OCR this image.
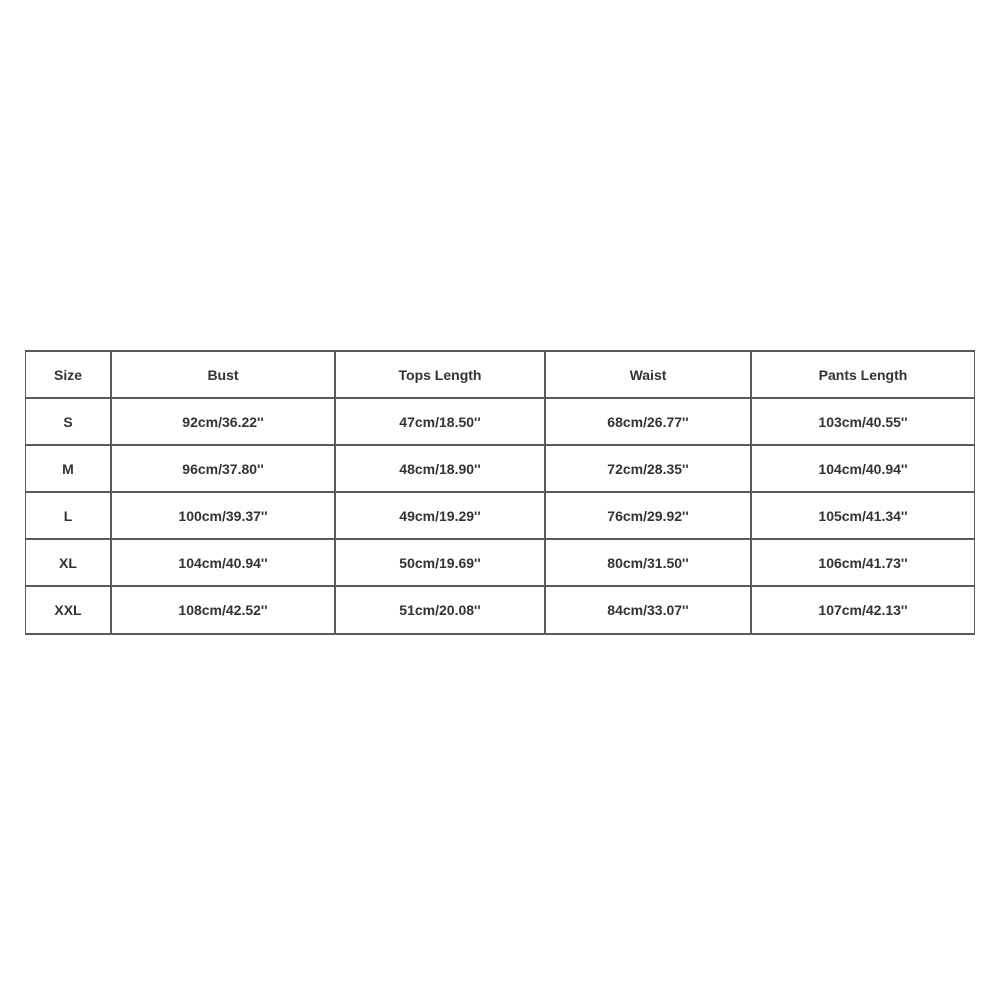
Size	Bust	Tops Length	Waist	Pants Length
S	92cm/36.22''	47cm/18.50''	68cm/26.77''	103cm/40.55''
M	96cm/37.80''	48cm/18.90''	72cm/28.35''	104cm/40.94''
L	100cm/39.37''	49cm/19.29''	76cm/29.92''	105cm/41.34''
XL	104cm/40.94''	50cm/19.69''	80cm/31.50''	106cm/41.73''
XXL	108cm/42.52''	51cm/20.08''	84cm/33.07''	107cm/42.13''
